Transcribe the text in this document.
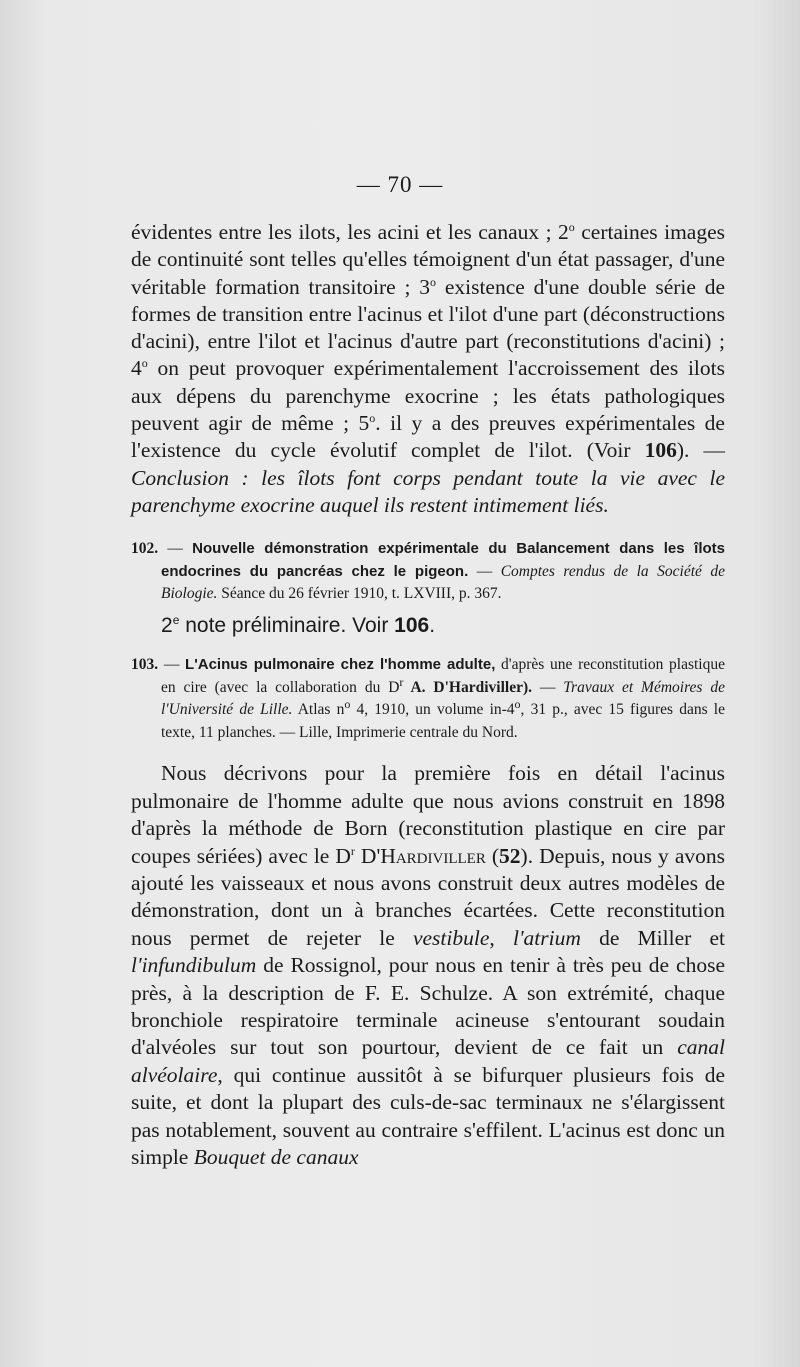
— 70 —

évidentes entre les ilots, les acini et les canaux ; 2$^o$ certaines images de continuité sont telles qu'elles témoignent d'un état passager, d'une véritable formation transitoire ; 3$^o$ existence d'une double série de formes de transition entre l'acinus et l'ilot d'une part (déconstructions d'acini), entre l'ilot et l'acinus d'autre part (reconstitutions d'acini) ; 4$^o$ on peut provoquer expérimentalement l'accroissement des ilots aux dépens du parenchyme exocrine ; les états pathologiques peuvent agir de même ; 5$^o$. il y a des preuves expérimentales de l'existence du cycle évolutif complet de l'ilot. (Voir 106). — Conclusion : les îlots font corps pendant toute la vie avec le parenchyme exocrine auquel ils restent intimement liés.

102. — Nouvelle démonstration expérimentale du Balancement dans les îlots endocrines du pancréas chez le pigeon. — Comptes rendus de la Société de Biologie. Séance du 26 février 1910, t. LXVIII, p. 367.

2e note préliminaire. Voir 106.

103. — L'Acinus pulmonaire chez l'homme adulte, d'après une reconstitution plastique en cire (avec la collaboration du $D^r$ A. D'Hardiviller). — Travaux et Mémoires de l'Université de Lille. Atlas $n^o$ 4, 1910, un volume in-4$^o$, 31 p., avec 15 figures dans le texte, 11 planches. — Lille, Imprimerie centrale du Nord.

Nous décrivons pour la première fois en détail l'acinus pulmonaire de l'homme adulte que nous avions construit en 1898 d'après la méthode de Born (reconstitution plastique en cire par coupes sériées) avec le $D^r$ D'Hardiviller (52). Depuis, nous y avons ajouté les vaisseaux et nous avons construit deux autres modèles de démonstration, dont un à branches écartées. Cette reconstitution nous permet de rejeter le vestibule, l'atrium de Miller et l'infundibulum de Rossignol, pour nous en tenir à très peu de chose près, à la description de F. E. Schulze. A son extrémité, chaque bronchiole respiratoire terminale acineuse s'entourant soudain d'alvéoles sur tout son pourtour, devient de ce fait un canal alvéolaire, qui continue aussitôt à se bifurquer plusieurs fois de suite, et dont la plupart des culs-de-sac terminaux ne s'élargissent pas notablement, souvent au contraire s'effilent. L'acinus est donc un simple Bouquet de canaux
